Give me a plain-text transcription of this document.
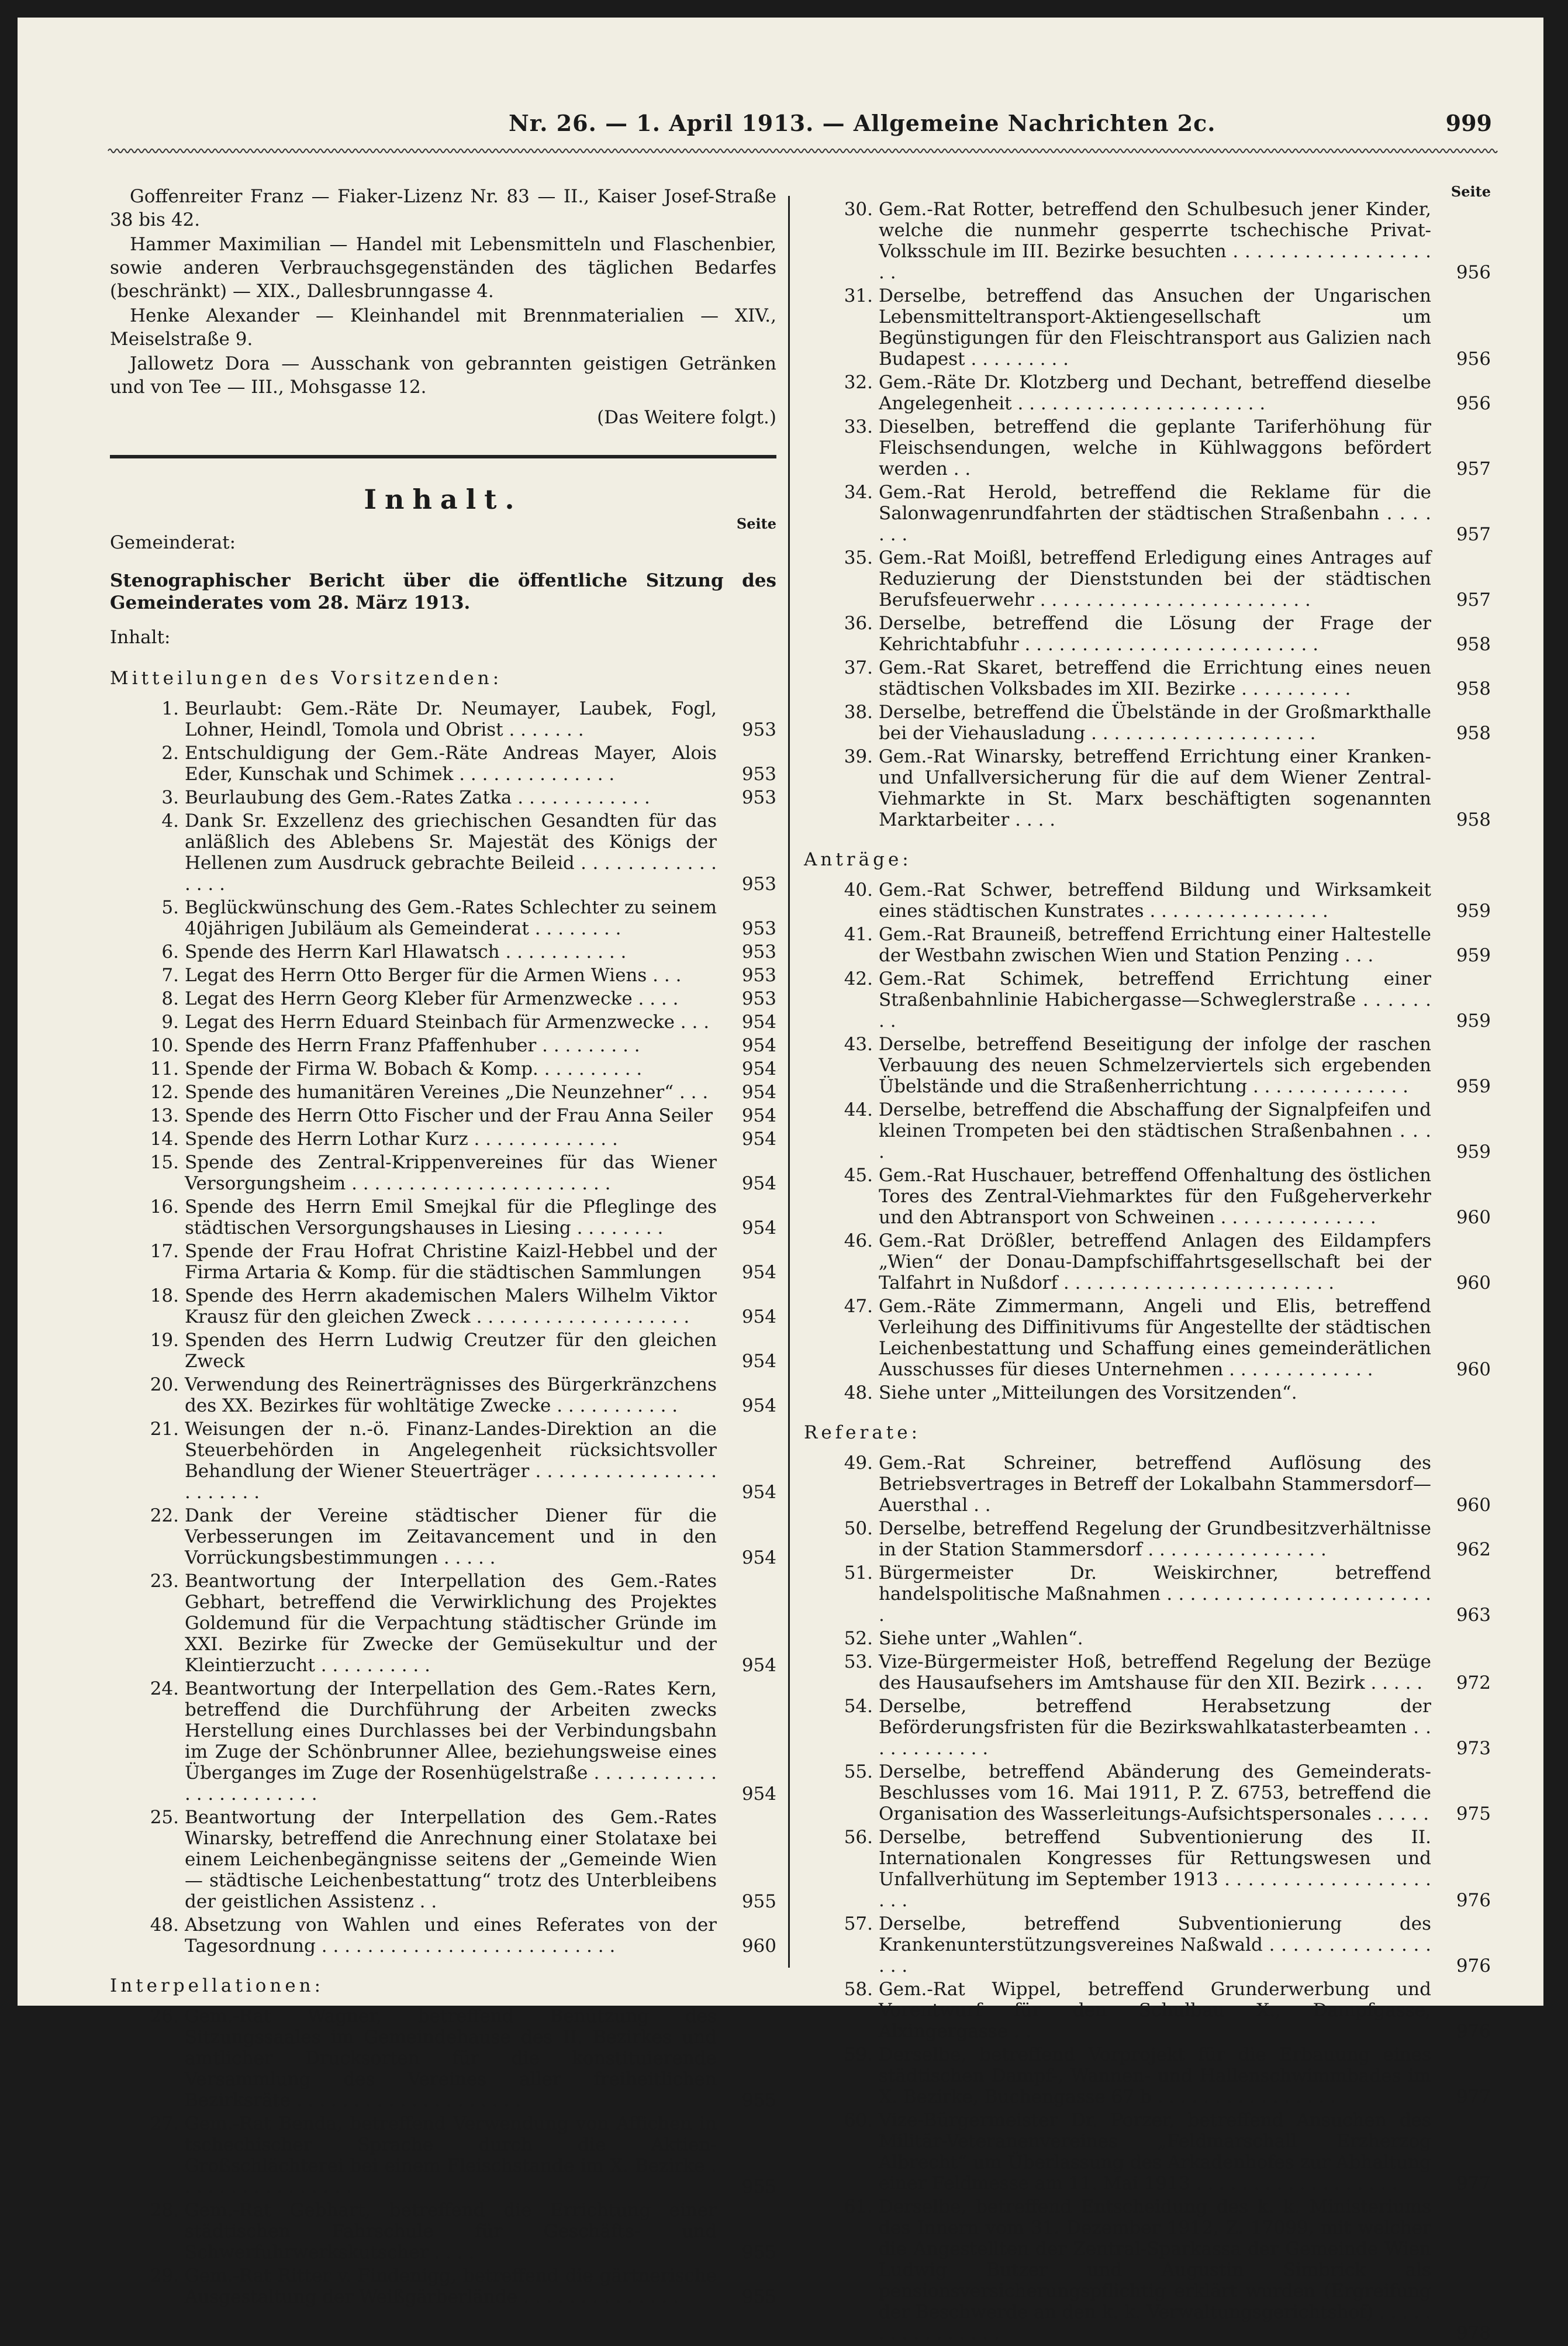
Nr. 26. — 1. April 1913. — Allgemeine Nachrichten 2c.	999

Goffenreiter Franz — Fiaker-Lizenz Nr. 83 — II., Kaiser Josef-Straße 38 bis 42.

Hammer Maximilian — Handel mit Lebensmitteln und Flaschenbier, sowie anderen Verbrauchsgegenständen des täglichen Bedarfes (beschränkt) — XIX., Dallesbrunngasse 4.

Henke Alexander — Kleinhandel mit Brennmaterialien — XIV., Meiselstraße 9.

Jallowetz Dora — Ausschank von gebrannten geistigen Getränken und von Tee — III., Mohsgasse 12.

(Das Weitere folgt.)

Inhalt.
Seite
Gemeinderat:
Stenographischer Bericht über die öffentliche Sitzung des Gemeinderates vom 28. März 1913.
Inhalt:
Mitteilungen des Vorsitzenden:
1. Beurlaubt: Gem.-Räte Dr. Neumayer, Laubek, Fogl, Lohner, Heindl, Tomola und Obrist . . . . . . .	953
2. Entschuldigung der Gem.-Räte Andreas Mayer, Alois Eder, Kunschak und Schimek . . . . . . . . . . . . . .	953
3. Beurlaubung des Gem.-Rates Zatka . . . . . . . . . . . .	953
4. Dank Sr. Exzellenz des griechischen Gesandten für das anläßlich des Ablebens Sr. Majestät des Königs der Hellenen zum Ausdruck gebrachte Beileid . . . . . . . . . . . . . . . .	953
5. Beglückwünschung des Gem.-Rates Schlechter zu seinem 40jährigen Jubiläum als Gemeinderat . . . . . . . .	953
6. Spende des Herrn Karl Hlawatsch . . . . . . . . . . .	953
7. Legat des Herrn Otto Berger für die Armen Wiens . . .	953
8. Legat des Herrn Georg Kleber für Armenzwecke . . . .	953
9. Legat des Herrn Eduard Steinbach für Armenzwecke . . .	954
10. Spende des Herrn Franz Pfaffenhuber . . . . . . . . .	954
11. Spende der Firma W. Bobach & Komp. . . . . . . . . .	954
12. Spende des humanitären Vereines „Die Neunzehner“ . . .	954
13. Spende des Herrn Otto Fischer und der Frau Anna Seiler	954
14. Spende des Herrn Lothar Kurz . . . . . . . . . . . . .	954
15. Spende des Zentral-Krippenvereines für das Wiener Versorgungsheim . . . . . . . . . . . . . . . . . . . . . . .	954
16. Spende des Herrn Emil Smejkal für die Pfleglinge des städtischen Versorgungshauses in Liesing . . . . . . . .	954
17. Spende der Frau Hofrat Christine Kaizl-Hebbel und der Firma Artaria & Komp. für die städtischen Sammlungen	954
18. Spende des Herrn akademischen Malers Wilhelm Viktor Krausz für den gleichen Zweck . . . . . . . . . . . . . . . . . . .	954
19. Spenden des Herrn Ludwig Creutzer für den gleichen Zweck	954
20. Verwendung des Reinerträgnisses des Bürgerkränzchens des XX. Bezirkes für wohltätige Zwecke . . . . . . . . . . .	954
21. Weisungen der n.-ö. Finanz-Landes-Direktion an die Steuerbehörden in Angelegenheit rücksichtsvoller Behandlung der Wiener Steuerträger . . . . . . . . . . . . . . . . . . . . . . .	954
22. Dank der Vereine städtischer Diener für die Verbesserungen im Zeitavancement und in den Vorrückungsbestimmungen . . . . .	954
23. Beantwortung der Interpellation des Gem.-Rates Gebhart, betreffend die Verwirklichung des Projektes Goldemund für die Verpachtung städtischer Gründe im XXI. Bezirke für Zwecke der Gemüsekultur und der Kleintierzucht . . . . . . . . . .	954
24. Beantwortung der Interpellation des Gem.-Rates Kern, betreffend die Durchführung der Arbeiten zwecks Herstellung eines Durchlasses bei der Verbindungsbahn im Zuge der Schönbrunner Allee, beziehungsweise eines Überganges im Zuge der Rosenhügelstraße . . . . . . . . . . . . . . . . . . . . . . .	954
25. Beantwortung der Interpellation des Gem.-Rates Winarsky, betreffend die Anrechnung einer Stolataxe bei einem Leichenbegängnisse seitens der „Gemeinde Wien — städtische Leichenbestattung“ trotz des Unterbleibens der geistlichen Assistenz . .	955
48. Absetzung von Wahlen und eines Referates von der Tagesordnung . . . . . . . . . . . . . . . . . . . . . . . . . .	960
Interpellationen:
26. Gem.-Rat Wagner, betreffend Benützung des Sitzungssaales im Gemeindehause des II. Bezirkes und amtlicher Drucksorten für die konstituierende Versammlung des Vereines aller freiheitlichen Bezirksräte . . . . . . . . . . . . . . . . . . . .	955
27. Gem.-Rat Benda, betreffend Verwendung von Affichen in tschechischer Sprache durch die Aktien-Großschlächterei bei einem Fleischstande im X. Bezirke . . . . . . . . . . . . . . . .	955
28. Gem.-Rat Gebhart, betreffend die Errichtung einer städtischen Fahrschule für Geschäfts- und Schwerfuhrwerkskutscher . . . .	955
29. Gem.-Rat Ritter v. Findenigg, betreffend die gärtnerische Ausgestaltung der Weißgärberlände . . . . . . . . . . . . . .	955
Seite
30. Gem.-Rat Rotter, betreffend den Schulbesuch jener Kinder, welche die nunmehr gesperrte tschechische Privat-Volksschule im III. Bezirke besuchten . . . . . . . . . . . . . . . . . . .	956
31. Derselbe, betreffend das Ansuchen der Ungarischen Lebensmitteltransport-Aktiengesellschaft um Begünstigungen für den Fleischtransport aus Galizien nach Budapest . . . . . . . . .	956
32. Gem.-Räte Dr. Klotzberg und Dechant, betreffend dieselbe Angelegenheit . . . . . . . . . . . . . . . . . . . . . .	956
33. Dieselben, betreffend die geplante Tariferhöhung für Fleischsendungen, welche in Kühlwaggons befördert werden . .	957
34. Gem.-Rat Herold, betreffend die Reklame für die Salonwagenrundfahrten der städtischen Straßenbahn . . . . . . .	957
35. Gem.-Rat Moißl, betreffend Erledigung eines Antrages auf Reduzierung der Dienststunden bei der städtischen Berufsfeuerwehr . . . . . . . . . . . . . . . . . . . . . . . .	957
36. Derselbe, betreffend die Lösung der Frage der Kehrichtabfuhr . . . . . . . . . . . . . . . . . . . . . . . . . .	958
37. Gem.-Rat Skaret, betreffend die Errichtung eines neuen städtischen Volksbades im XII. Bezirke . . . . . . . . . .	958
38. Derselbe, betreffend die Übelstände in der Großmarkthalle bei der Viehausladung . . . . . . . . . . . . . . . . . . . .	958
39. Gem.-Rat Winarsky, betreffend Errichtung einer Kranken- und Unfallversicherung für die auf dem Wiener Zentral-Viehmarkte in St. Marx beschäftigten sogenannten Marktarbeiter . . . .	958
Anträge:
40. Gem.-Rat Schwer, betreffend Bildung und Wirksamkeit eines städtischen Kunstrates . . . . . . . . . . . . . . . .	959
41. Gem.-Rat Brauneiß, betreffend Errichtung einer Haltestelle der Westbahn zwischen Wien und Station Penzing . . .	959
42. Gem.-Rat Schimek, betreffend Errichtung einer Straßenbahnlinie Habichergasse—Schweglerstraße . . . . . . . .	959
43. Derselbe, betreffend Beseitigung der infolge der raschen Verbauung des neuen Schmelzerviertels sich ergebenden Übelstände und die Straßenherrichtung . . . . . . . . . . . . . .	959
44. Derselbe, betreffend die Abschaffung der Signalpfeifen und kleinen Trompeten bei den städtischen Straßenbahnen . . . .	959
45. Gem.-Rat Huschauer, betreffend Offenhaltung des östlichen Tores des Zentral-Viehmarktes für den Fußgeherverkehr und den Abtransport von Schweinen . . . . . . . . . . . . . .	960
46. Gem.-Rat Drößler, betreffend Anlagen des Eildampfers „Wien“ der Donau-Dampfschiffahrtsgesellschaft bei der Talfahrt in Nußdorf . . . . . . . . . . . . . . . . . . . . . . . .	960
47. Gem.-Räte Zimmermann, Angeli und Elis, betreffend Verleihung des Diffinitivums für Angestellte der städtischen Leichenbestattung und Schaffung eines gemeinderätlichen Ausschusses für dieses Unternehmen . . . . . . . . . . . . .	960
48. Siehe unter „Mitteilungen des Vorsitzenden“.
Referate:
49. Gem.-Rat Schreiner, betreffend Auflösung des Betriebsvertrages in Betreff der Lokalbahn Stammersdorf—Auersthal . .	960
50. Derselbe, betreffend Regelung der Grundbesitzverhältnisse in der Station Stammersdorf . . . . . . . . . . . . . . . .	962
51. Bürgermeister Dr. Weiskirchner, betreffend handelspolitische Maßnahmen . . . . . . . . . . . . . . . . . . . . . . . .	963
52. Siehe unter „Wahlen“.
53. Vize-Bürgermeister Hoß, betreffend Regelung der Bezüge des Hausaufsehers im Amtshause für den XII. Bezirk . . . . .	972
54. Derselbe, betreffend Herabsetzung der Beförderungsfristen für die Bezirkswahlkatasterbeamten . . . . . . . . . . . .	973
55. Derselbe, betreffend Abänderung des Gemeinderats-Beschlusses vom 16. Mai 1911, P. Z. 6753, betreffend die Organisation des Wasserleitungs-Aufsichtspersonales . . . . .	975
56. Derselbe, betreffend Subventionierung des II. Internationalen Kongresses für Rettungswesen und Unfallverhütung im September 1913 . . . . . . . . . . . . . . . . . . . . .	976
57. Derselbe, betreffend Subventionierung des Krankenunterstützungsvereines Naßwald . . . . . . . . . . . . . . . . .	976
58. Gem.-Rat Wippel, betreffend Grunderwerbung und Vorentwurf für den Schulbau X., Dampfgasse, Alxingergasse . .	976
59. Derselbe, betreffend Vorprojekt für die Erbauung eines städtischen Dampf-, Wannen- und Hallenschwimmbades im X. Bezirke, Buchengasse 67 b . . . . . . . . . . . . . . . .	977
60. Vize-Bürgermeister Dr. Porzer, betreffend Ansuchen des Militär-Veteranenvereines „Feldmarschall Erzherzog Albrecht“ um Überlassung des Arkadenhofes zur Abhaltung einer Feldmesse am 11. Mai 1913 . . . . . . . . . . . . . . . . . .	977
61. Derselbe, betreffend Entscheidung des k. k. Ministeriums des Innern vom 31. Dezember 1912, Z. 17099, mit welcher die Angestellten der Zentral-Sparkassa der Gemeinde Wien Ludwig Butzer und Augustin Simbrick als pensionsversicherungspflichtig erklärt wurden (Ergreifung der Beschwerde an den k. k. Verwaltungsgerichtshof) . . . . . . . . . . . . . . . .	978
